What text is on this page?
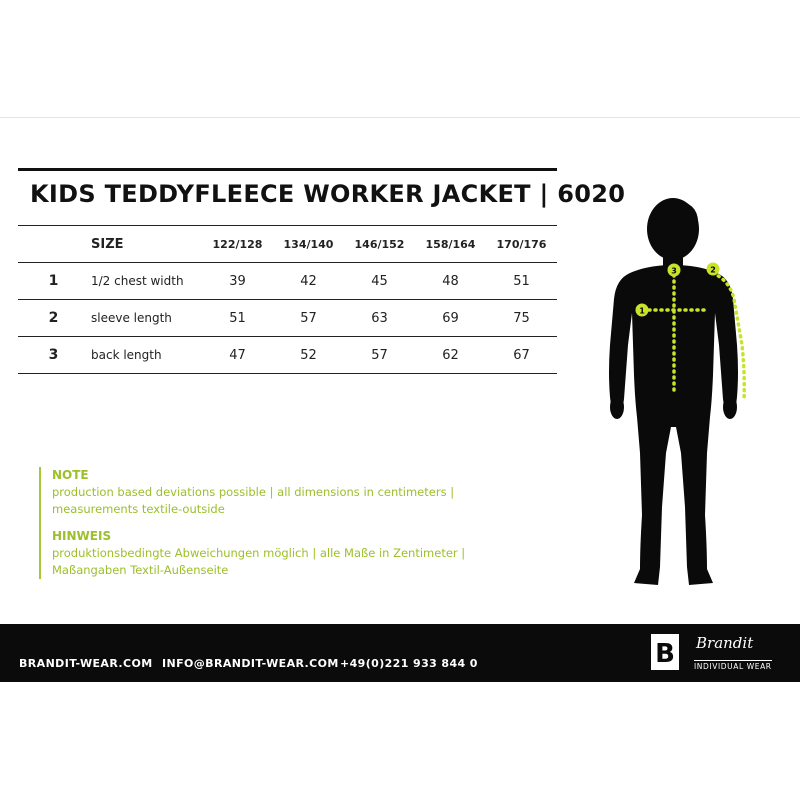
KIDS TEDDYFLEECE WORKER JACKET | 6020
SIZE		122/128	134/140	146/152	158/164	170/176
1	1/2 chest width	39	42	45	48	51
2	sleeve length	51	57	63	69	75
3	back length	47	52	57	62	67
NOTE
production based deviations possible | all dimensions in centimeters |
measurements textile-outside
HINWEIS
produktionsbedingte Abweichungen möglich | alle Maße in Zentimeter |
Maßangaben Textil-Außenseite
1
2
3
BRANDIT-WEAR.COM INFO@BRANDIT-WEAR.COM +49(0)221 933 844 0	B Brandit
INDIVIDUAL WEAR
